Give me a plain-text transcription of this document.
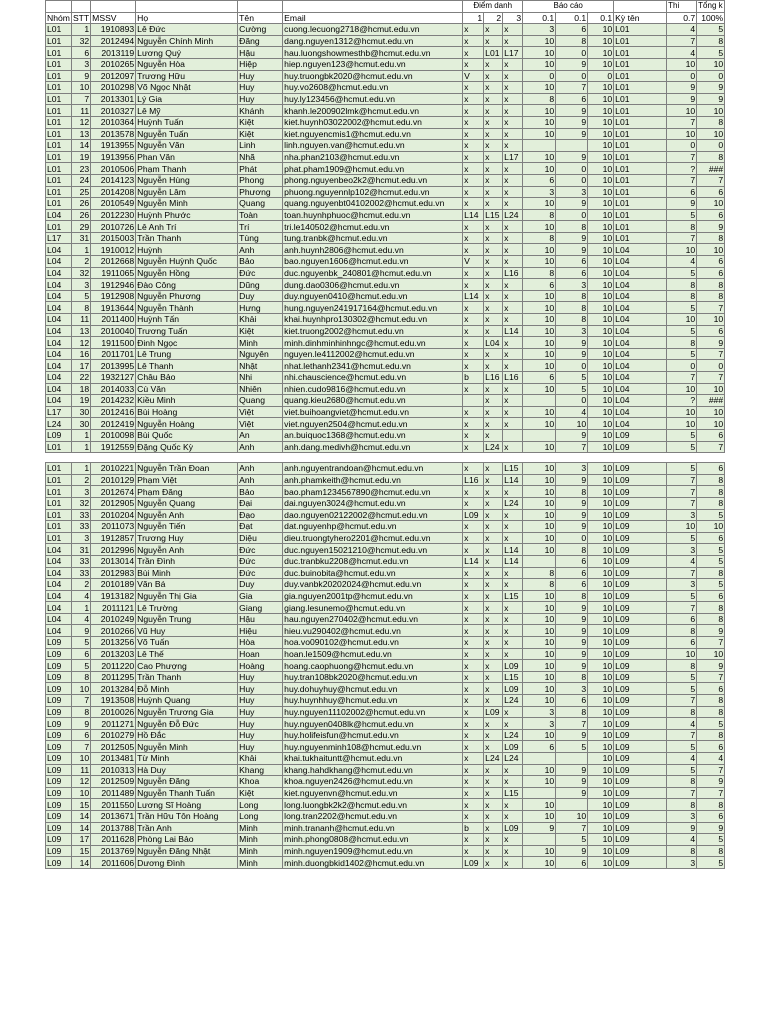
						Điểm danh			Báo cáo				Thi	Tổng k
Nhóm	STT	MSSV	Họ	Tên	Email	1	2	3	0.1	0.1	0.1	Kỳ tên	0.7	100%
L01	1	1910893	Lê Đức	Cường	cuong.lecuong2718@hcmut.edu.vn	x	x	x	3	6	10	L01	4	5
L01	32	2012494	Nguyễn Chính Minh	Đăng	dang.nguyen1312@hcmut.edu.vn	x	x	x	10	8	10	L01	7	8
L01	6	2013119	Lương Quý	Hậu	hau.luongshowmesthb@hcmut.edu.vn	x	L01	L17	10	0	10	L01	4	5
L01	3	2010265	Nguyễn Hòa	Hiệp	hiep.nguyen123@hcmut.edu.vn	x	x	x	10	9	10	L01	10	10
L01	9	2012097	Trương Hữu	Huy	huy.truongbk2020@hcmut.edu.vn	V	x	x	0	0	0	L01	0	0
L01	10	2010298	Võ Ngọc Nhật	Huy	huy.vo2608@hcmut.edu.vn	x	x	x	10	7	10	L01	9	9
L01	7	2013301	Lý Gia	Huy	huy.ly123456@hcmut.edu.vn	x	x	x	8	6	10	L01	9	9
L01	11	2010327	Lê Mỹ	Khánh	khanh.le200902lmk@hcmut.edu.vn	x	x	x	10	9	10	L01	10	10
L01	12	2010364	Huỳnh Tuấn	Kiệt	kiet.huynh03022002@hcmut.edu.vn	x	x	x	10	9	10	L01	7	8
L01	13	2013578	Nguyễn Tuấn	Kiệt	kiet.nguyencmis1@hcmut.edu.vn	x	x	x	10	9	10	L01	10	10
L01	14	1913955	Nguyễn Văn	Linh	linh.nguyen.van@hcmut.edu.vn	x	x	x			10	L01	0	0
L01	19	1913956	Phan Văn	Nhã	nha.phan2103@hcmut.edu.vn	x	x	L17	10	9	10	L01	7	8
L01	23	2010506	Phạm Thanh	Phát	phat.pham1909@hcmut.edu.vn	x	x	x	10	0	10	L01	?	###
L01	24	2014123	Nguyễn Hùng	Phong	phong.nguyenbeo2k2@hcmut.edu.vn	x	x	x	6	0	10	L01	7	7
L01	25	2014208	Nguyễn Lâm	Phương	phuong.nguyennlp102@hcmut.edu.vn	x	x	x	3	3	10	L01	6	6
L01	26	2010549	Nguyễn Minh	Quang	quang.nguyenbt04102002@hcmut.edu.vn	x	x	x	10	9	10	L01	9	10
L04	26	2012230	Huỳnh Phước	Toàn	toan.huynhphuoc@hcmut.edu.vn	L14	L15	L24	8	0	10	L01	5	6
L01	29	2010726	Lê Anh Trí	Trí	tri.le140502@hcmut.edu.vn	x	x	x	10	8	10	L01	8	9
L17	31	2015003	Trần Thanh	Tùng	tung.tranbk@hcmut.edu.vn	x	x	x	8	9	10	L01	7	8
L04	1	1910012	Huỳnh	Anh	anh.huynh2806@hcmut.edu.vn	x	x	x	10	9	10	L04	10	10
L04	2	2012668	Nguyễn Huỳnh Quốc	Bảo	bao.nguyen1606@hcmut.edu.vn	V	x	x	10	6	10	L04	4	6
L04	32	1911065	Nguyễn Hồng	Đức	duc.nguyenbk_240801@hcmut.edu.vn	x	x	L16	8	6	10	L04	5	6
L04	3	1912946	Đào Công	Dũng	dung.dao0306@hcmut.edu.vn	x	x	x	6	3	10	L04	8	8
L04	5	1912908	Nguyễn Phương	Duy	duy.nguyen0410@hcmut.edu.vn	L14	x	x	10	8	10	L04	8	8
L04	8	1913644	Nguyễn Thành	Hưng	hung.nguyen241917164@hcmut.edu.vn	x	x	x	10	8	10	L04	5	7
L04	11	2011400	Huỳnh Tấn	Khải	khai.huynhpro130302@hcmut.edu.vn	x	x	x	10	8	10	L04	10	10
L04	13	2010040	Trương Tuấn	Kiệt	kiet.truong2002@hcmut.edu.vn	x	x	L14	10	3	10	L04	5	6
L04	12	1911500	Đinh Ngọc	Minh	minh.dinhminhinhngc@hcmut.edu.vn	x	L04	x	10	9	10	L04	8	9
L04	16	2011701	Lê Trung	Nguyên	nguyen.le4112002@hcmut.edu.vn	x	x	x	10	9	10	L04	5	7
L04	17	2013995	Lê Thanh	Nhật	nhat.lethanh2341@hcmut.edu.vn	x	x	x	10	0	10	L04	0	0
L04	22	1932127	Châu Bảo	Nhi	nhi.chauscience@hcmut.edu.vn	b	L16	L16	6	5	10	L04	7	7
L04	18	2014033	Cù Văn	Nhiên	nhien.cudo9816@hcmut.edu.vn	x	x	x	10	5	10	L04	10	10
L04	19	2014232	Kiều Minh	Quang	quang.kieu2680@hcmut.edu.vn		x	x		0	10	L04	?	###
L17	30	2012416	Bùi Hoàng	Việt	viet.buihoangviet@hcmut.edu.vn	x	x	x	10	4	10	L04	10	10
L24	30	2012419	Nguyễn Hoàng	Việt	viet.nguyen2504@hcmut.edu.vn	x	x	x	10	10	10	L04	10	10
L09	1	2010098	Bùi Quốc	An	an.buiquoc1368@hcmut.edu.vn	x	x			9	10	L09	5	6
L01	1	1912559	Đặng Quốc Kỳ	Anh	anh.dang.medivh@hcmut.edu.vn	x	L24	x	10	7	10	L09	5	7

L01	1	2010221	Nguyễn Trần Đoan	Anh	anh.nguyentrandoan@hcmut.edu.vn	x	x	L15	10	3	10	L09	5	6
L01	2	2010129	Phạm Việt	Anh	anh.phamkeith@hcmut.edu.vn	L16	x	L14	10	9	10	L09	7	8
L01	3	2012674	Phạm Đăng	Bảo	bao.pham1234567890@hcmut.edu.vn	x	x	x	10	8	10	L09	7	8
L01	32	2012905	Nguyễn Quang	Đại	dai.nguyen3024@hcmut.edu.vn	x	x	L24	10	9	10	L09	7	8
L01	33	2010204	Nguyễn Anh	Đạo	dao.nguyen02122002@hcmut.edu.vn	L09	x	x	10	9	10	L09	3	5
L01	33	2011073	Nguyễn Tiến	Đạt	dat.nguyenhp@hcmut.edu.vn	x	x	x	10	9	10	L09	10	10
L01	3	1912857	Trương Huy	Diệu	dieu.truongtyhero2201@hcmut.edu.vn	x	x	x	10	0	10	L09	5	6
L04	31	2012996	Nguyễn Anh	Đức	duc.nguyen15021210@hcmut.edu.vn	x	x	L14	10	8	10	L09	3	5
L04	33	2013014	Trần Đình	Đức	duc.tranbku2208@hcmut.edu.vn	L14	x	L14		6	10	L09	4	5
L04	33	2012983	Bùi Minh	Đức	duc.buinobita@hcmut.edu.vn	x	x	x	8	6	10	L09	7	8
L04	2	2010189	Văn Bá	Duy	duy.vanbk20202024@hcmut.edu.vn	x	x	x	8	6	10	L09	3	5
L04	4	1913182	Nguyễn Thị Gia	Gia	gia.nguyen2001tp@hcmut.edu.vn	x	x	L15	10	8	10	L09	5	6
L04	1	2011121	Lê Trường	Giang	giang.lesunemo@hcmut.edu.vn	x	x	x	10	9	10	L09	7	8
L04	4	2010249	Nguyễn Trung	Hậu	hau.nguyen270402@hcmut.edu.vn	x	x	x	10	9	10	L09	6	8
L04	9	2010266	Vũ Huy	Hiệu	hieu.vu290402@hcmut.edu.vn	x	x	x	10	9	10	L09	8	9
L09	5	2013256	Võ Tuấn	Hòa	hoa.vo090102@hcmut.edu.vn	x	x	x	10	9	10	L09	6	7
L09	6	2013203	Lê Thế	Hoan	hoan.le1509@hcmut.edu.vn	x	x	x	10	9	10	L09	10	10
L09	5	2011220	Cao Phượng	Hoàng	hoang.caophuong@hcmut.edu.vn	x	x	L09	10	9	10	L09	8	9
L09	8	2011295	Trần Thanh	Huy	huy.tran108bk2020@hcmut.edu.vn	x	x	L15	10	8	10	L09	5	7
L09	10	2013284	Đỗ Minh	Huy	huy.dohuyhuy@hcmut.edu.vn	x	x	L09	10	3	10	L09	5	6
L09	7	1913508	Huỳnh Quang	Huy	huy.huynhhuy@hcmut.edu.vn	x	x	L24	10	6	10	L09	7	8
L09	8	2010026	Nguyễn Trương Gia	Huy	huy.nguyen11102002@hcmut.edu.vn	x	L09	x	3	8	10	L09	8	8
L09	9	2011271	Nguyễn Đỗ Đức	Huy	huy.nguyen0408lk@hcmut.edu.vn	x	x	x	3	7	10	L09	4	5
L09	6	2010279	Hồ Đắc	Huy	huy.holifeisfun@hcmut.edu.vn	x	x	L24	10	9	10	L09	7	8
L09	7	2012505	Nguyễn Minh	Huy	huy.nguyenminh108@hcmut.edu.vn	x	x	L09	6	5	10	L09	5	6
L09	10	2013481	Từ Minh	Khải	khai.tukhaituntt@hcmut.edu.vn	x	L24	L24			10	L09	4	4
L09	11	2010313	Hà Duy	Khang	khang.hahdkhang@hcmut.edu.vn	x	x	x	10	9	10	L09	5	7
L09	12	2012509	Nguyễn Đăng	Khoa	khoa.nguyen2426@hcmut.edu.vn	x	x	x	10	9	10	L09	8	9
L09	10	2011489	Nguyễn Thanh Tuấn	Kiệt	kiet.nguyenvn@hcmut.edu.vn	x	x	L15		9	10	L09	7	7
L09	15	2011550	Lương Sĩ Hoàng	Long	long.luongbk2k2@hcmut.edu.vn	x	x	x	10		10	L09	8	8
L09	14	2013671	Trần Hữu Tôn Hoàng	Long	long.tran2202@hcmut.edu.vn	x	x	x	10	10	10	L09	3	6
L09	14	2013788	Trần Anh	Minh	minh.trananh@hcmut.edu.vn	b	x	L09	9	7	10	L09	9	9
L09	17	2011628	Phòng Lai Bảo	Minh	minh.phong0808@hcmut.edu.vn	x	x	x		5	10	L09	4	5
L09	15	2013769	Nguyễn Đăng Nhật	Minh	minh.nguyen1909@hcmut.edu.vn	x	x	x	10	9	10	L09	8	8
L09	14	2011606	Dương Đình	Minh	minh.duongbkid1402@hcmut.edu.vn	L09	x	x	10	6	10	L09	3	5
